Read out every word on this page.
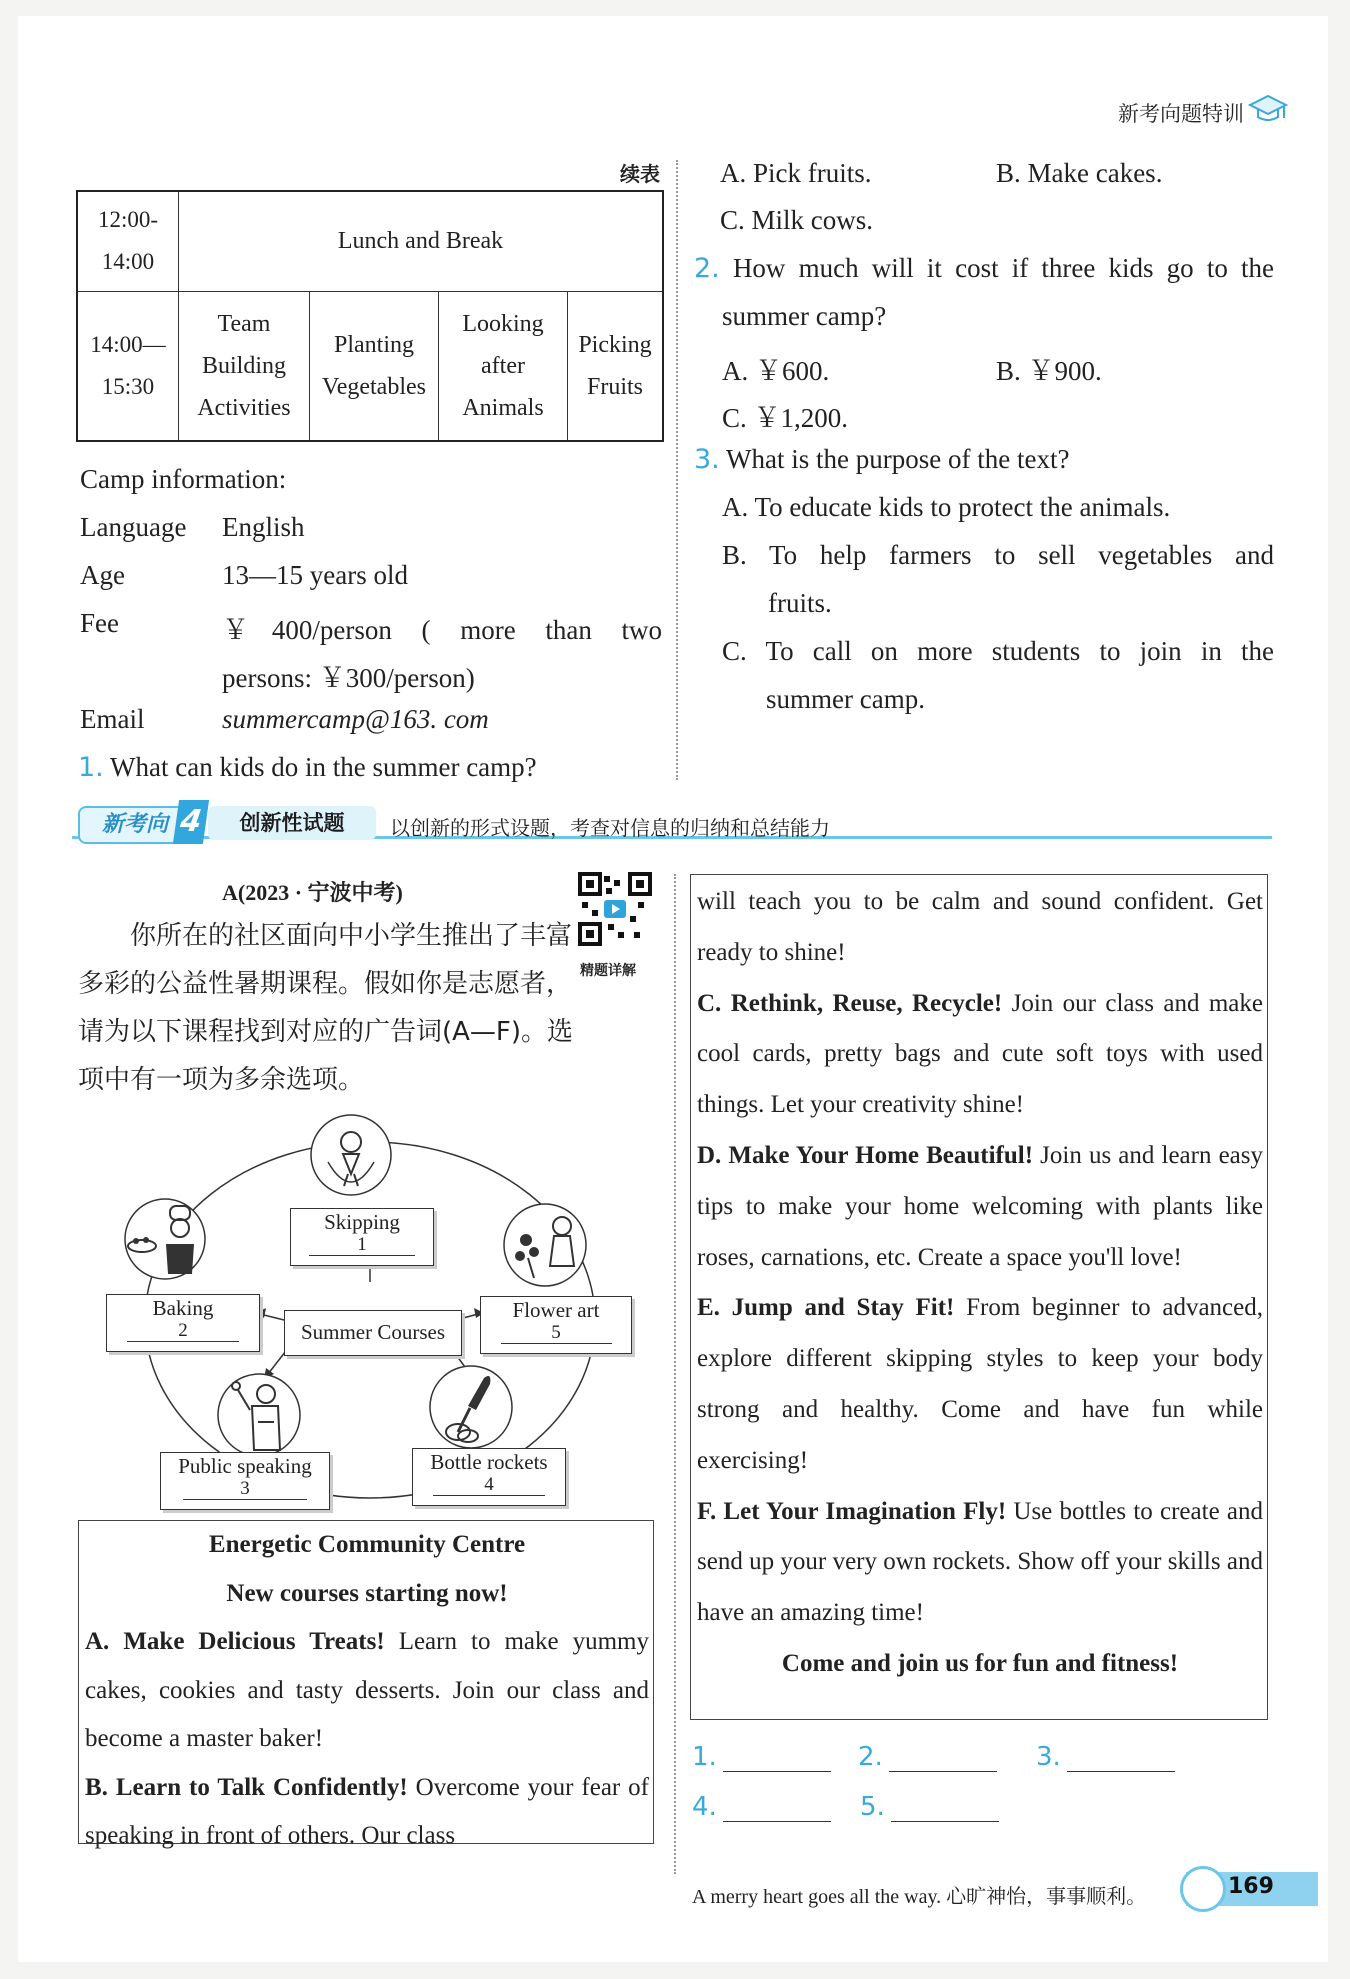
新考向题特训
续表
12:00-
14:00	Lunch and Break			
14:00—
15:30	Team
Building
Activities	Planting
Vegetables	Looking
after
Animals	Picking
Fruits
Camp information:
Language English
Age	13—15 years old
Fee	￥400/person ( more than two
persons: ￥300/person)
Email	summercamp@163. com
1. What can kids do in the summer camp?
A. Pick fruits.	B. Make cakes.
C. Milk cows.
2. How much will it cost if three kids go to the
summer camp?
A. ￥600.	B. ￥900.
C. ￥1,200.
3. What is the purpose of the text?
A. To educate kids to protect the animals.
B. To help farmers to sell vegetables and
fruits.
C. To call on more students to join in the
summer camp.
新考向 4	创新性试题	以创新的形式设题，考查对信息的归纳和总结能力
A(2023 · 宁波中考)
你所在的社区面向中小学生推出了丰富多彩的公益性暑期课程。假如你是志愿者，请为以下课程找到对应的广告词(A—F)。选项中有一项为多余选项。
精题详解
Skipping
1
Baking
2	Summer Courses
Flower art
5
Public speaking
3
Bottle rockets
4

Energetic Community Centre

New courses starting now!

A. Make Delicious Treats! Learn to make yummy cakes, cookies and tasty desserts. Join our class and become a master baker!

B. Learn to Talk Confidently! Overcome your fear of speaking in front of others. Our class

will teach you to be calm and sound confident. Get ready to shine!

C. Rethink, Reuse, Recycle! Join our class and make cool cards, pretty bags and cute soft toys with used things. Let your creativity shine!

D. Make Your Home Beautiful! Join us and learn easy tips to make your home welcoming with plants like roses, carnations, etc. Create a space you'll love!

E. Jump and Stay Fit! From beginner to advanced, explore different skipping styles to keep your body strong and healthy. Come and have fun while exercising!

F. Let Your Imagination Fly! Use bottles to create and send up your very own rockets. Show off your skills and have an amazing time!

Come and join us for fun and fitness!

1.	2.	3.
4.	5.
A merry heart goes all the way. 心旷神怡，事事顺利。	169
